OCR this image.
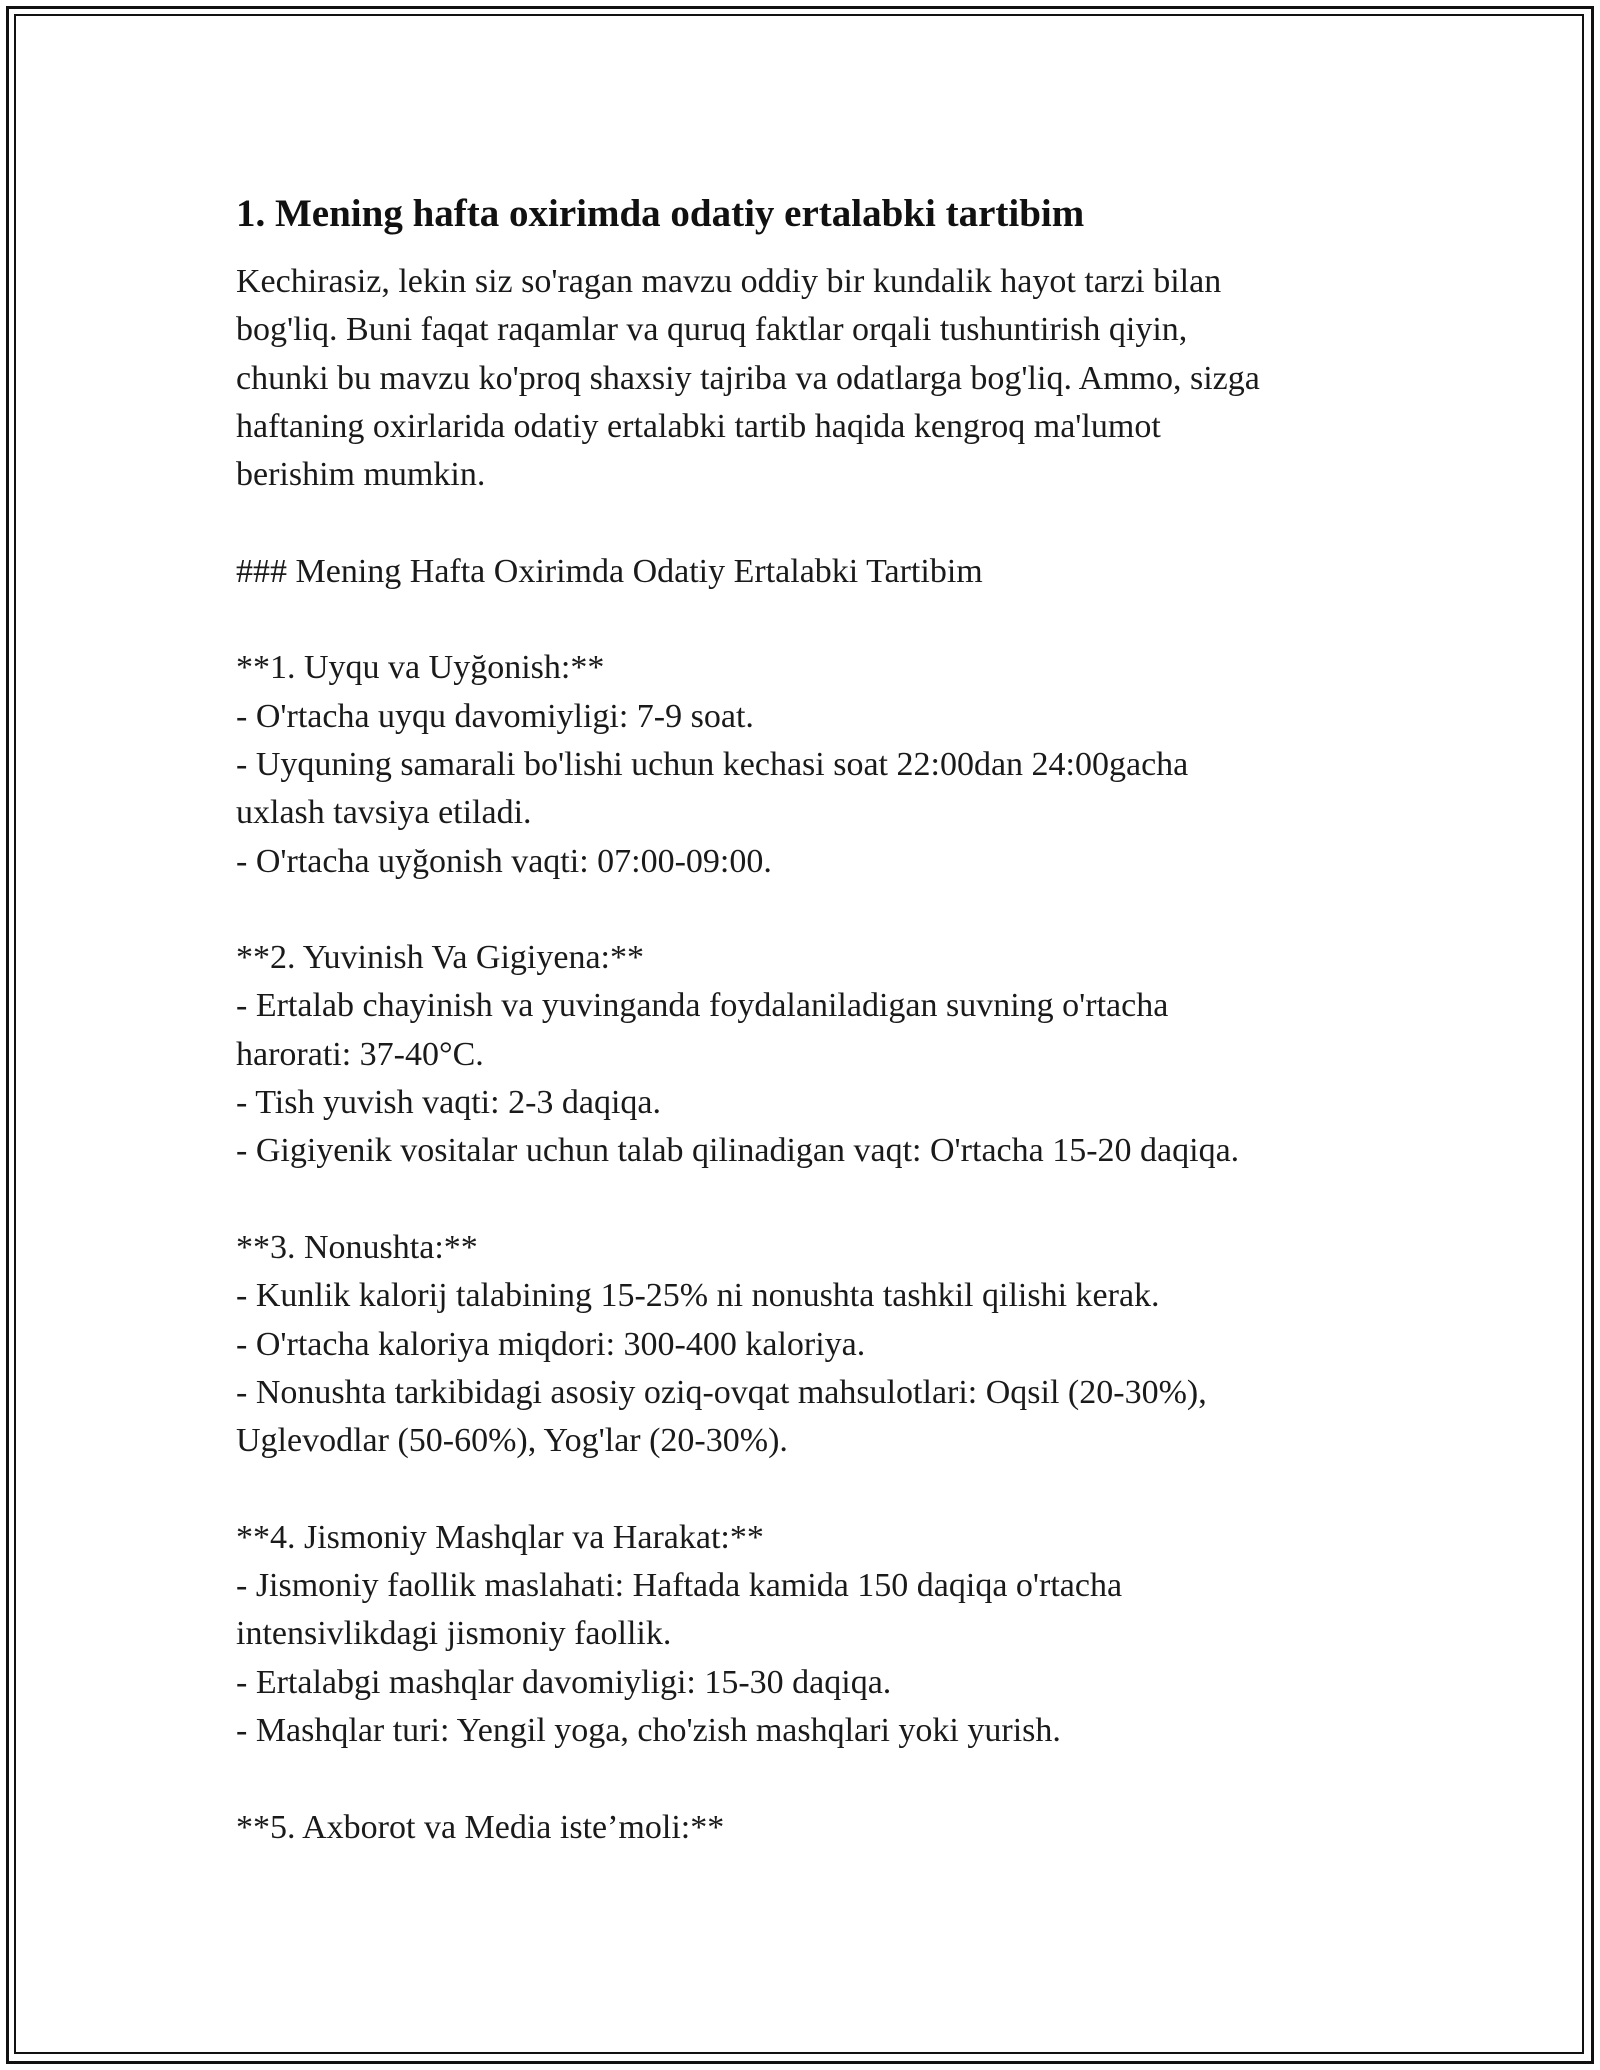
1. Mening hafta oxirimda odatiy ertalabki tartibim

Kechirasiz, lekin siz so'ragan mavzu oddiy bir kundalik hayot tarzi bilan

bog'liq. Buni faqat raqamlar va quruq faktlar orqali tushuntirish qiyin,

chunki bu mavzu ko'proq shaxsiy tajriba va odatlarga bog'liq. Ammo, sizga

haftaning oxirlarida odatiy ertalabki tartib haqida kengroq ma'lumot

berishim mumkin.

### Mening Hafta Oxirimda Odatiy Ertalabki Tartibim

**1. Uyqu va Uyğonish:**

- O'rtacha uyqu davomiyligi: 7-9 soat.

- Uyquning samarali bo'lishi uchun kechasi soat 22:00dan 24:00gacha

uxlash tavsiya etiladi.

- O'rtacha uyğonish vaqti: 07:00-09:00.

**2. Yuvinish Va Gigiyena:**

- Ertalab chayinish va yuvinganda foydalaniladigan suvning o'rtacha

harorati: 37-40°C.

- Tish yuvish vaqti: 2-3 daqiqa.

- Gigiyenik vositalar uchun talab qilinadigan vaqt: O'rtacha 15-20 daqiqa.

**3. Nonushta:**

- Kunlik kalorij talabining 15-25% ni nonushta tashkil qilishi kerak.

- O'rtacha kaloriya miqdori: 300-400 kaloriya.

- Nonushta tarkibidagi asosiy oziq-ovqat mahsulotlari: Oqsil (20-30%),

Uglevodlar (50-60%), Yog'lar (20-30%).

**4. Jismoniy Mashqlar va Harakat:**

- Jismoniy faollik maslahati: Haftada kamida 150 daqiqa o'rtacha

intensivlikdagi jismoniy faollik.

- Ertalabgi mashqlar davomiyligi: 15-30 daqiqa.

- Mashqlar turi: Yengil yoga, cho'zish mashqlari yoki yurish.

**5. Axborot va Media iste’moli:**
